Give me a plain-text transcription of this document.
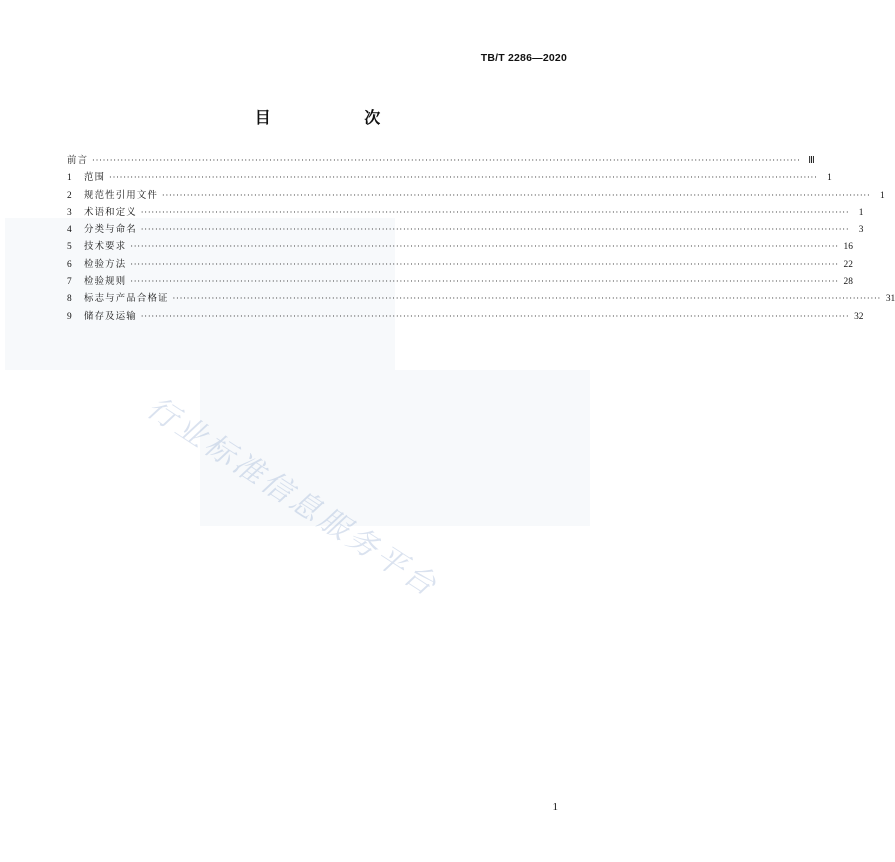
TB/T 2286—2020
目 次
前言 ········································································································································································································ Ⅲ
1	范围 ········································································································································································································ 1
2	规范性引用文件 ········································································································································································································ 1
3	术语和定义 ········································································································································································································ 1
4	分类与命名 ········································································································································································································ 3
5	技术要求 ········································································································································································································ 16
6	检验方法 ········································································································································································································ 22
7	检验规则 ········································································································································································································ 28
8	标志与产品合格证 ········································································································································································································ 31
9	储存及运输 ········································································································································································································ 32
行业标准信息服务平台
1
